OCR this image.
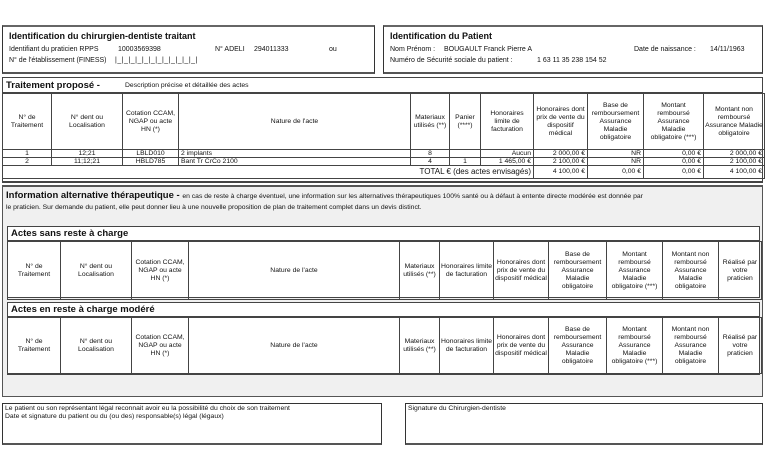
Identification du chirurgien-dentiste traitant
Identifiant du praticien RPPS	10003569398	N° ADELI 294011333	ou
N° de l'établissement (FINESS) |_|_|_|_|_|_|_|_|_|_|_|_|
Identification du Patient
Nom Prénom : BOUGAULT Franck Pierre A	Date de naissance : 14/11/1963
Numéro de Sécurité sociale du patient :	1 63 11 35 238 154 52
Traitement proposé -	Description précise et détaillée des actes
N° de Traitement	N° dent ou Localisation	Cotation CCAM, NGAP ou acte HN (*)	Nature de l'acte	Materiaux utilisés (**)	Panier (****)	Honoraires limite de facturation	Honoraires dont prix de vente du dispositif médical	Base de remboursement Assurance Maladie obligatoire	Montant remboursé Assurance Maladie obligatoire (***)	Montant non remboursé Assurance Maladie obligatoire
1	12;21	LBLD010	2 implants	8		Aucun	2 000,00 €	NR	0,00 €	2 000,00 €
2	11;12;21	HBLD785	Bant Tr CrCo 2100	4	1	1 465,00 €	2 100,00 €	NR	0,00 €	2 100,00 €
TOTAL € (des actes envisagés)							4 100,00 €	0,00 €	0,00 €	4 100,00 €
Information alternative thérapeutique - en cas de reste à charge éventuel, une information sur les alternatives thérapeutiques 100% santé ou à défaut à entente directe modérée est donnée par
le praticien. Sur demande du patient, elle peut donner lieu à une nouvelle proposition de plan de traitement complet dans un devis distinct.
Actes sans reste à charge
N° de Traitement	N° dent ou Localisation	Cotation CCAM, NGAP ou acte HN (*)	Nature de l'acte	Materiaux utilisés (**)	Honoraires limite de facturation	Honoraires dont prix de vente du dispositif médical	Base de remboursement Assurance Maladie obligatoire	Montant remboursé Assurance Maladie obligatoire (***)	Montant non remboursé Assurance Maladie obligatoire	Réalisé par votre praticien
Actes en reste à charge modéré
N° de Traitement	N° dent ou Localisation	Cotation CCAM, NGAP ou acte HN (*)	Nature de l'acte	Materiaux utilisés (**)	Honoraires limite de facturation	Honoraires dont prix de vente du dispositif médical	Base de remboursement Assurance Maladie obligatoire	Montant remboursé Assurance Maladie obligatoire (***)	Montant non remboursé Assurance Maladie obligatoire	Réalisé par votre praticien
Le patient ou son représentant légal reconnait avoir eu la possibilité du choix de son traitement
Date et signature du patient ou du (ou des) responsable(s) légal (légaux)
Signature du Chirurgien-dentiste
